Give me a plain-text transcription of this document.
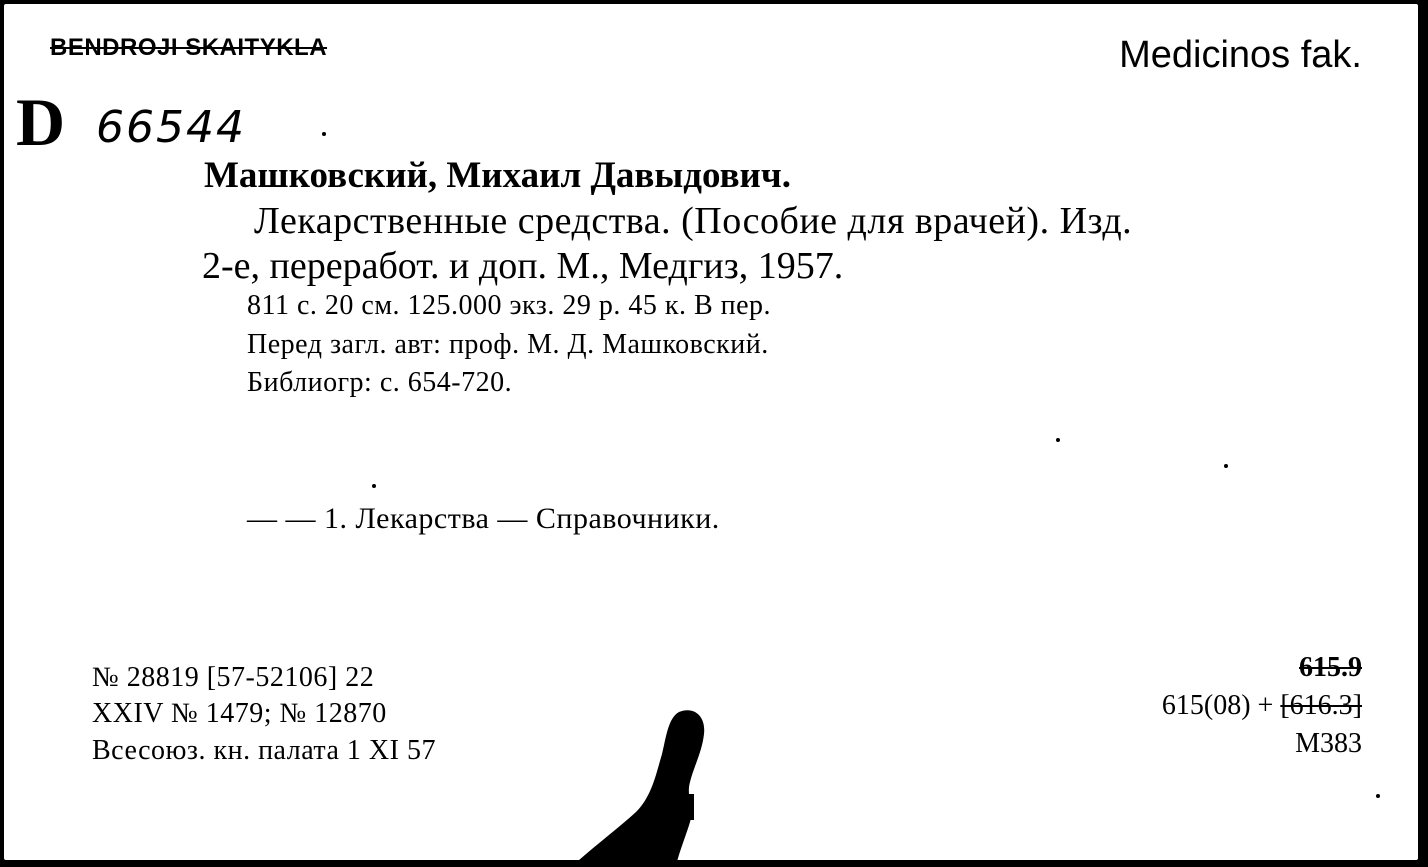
BENDROJI SKAITYKLA	Medicinos fak.
D 66544
Машковский, Михаил Давыдович.
Лекарственные средства. (Пособие для врачей). Изд.
2-е, переработ. и доп. М., Медгиз, 1957.
811 с. 20 см. 125.000 экз. 29 р. 45 к. В пер.
Перед загл. авт: проф. М. Д. Машковский.
Библиогр: с. 654-720.
— — 1. Лекарства — Справочники.
№ 28819 [57-52106] 22
XXIV № 1479; № 12870
Всесоюз. кн. палата 1 XI 57
615.9
615(08) + [616.3]
М383
